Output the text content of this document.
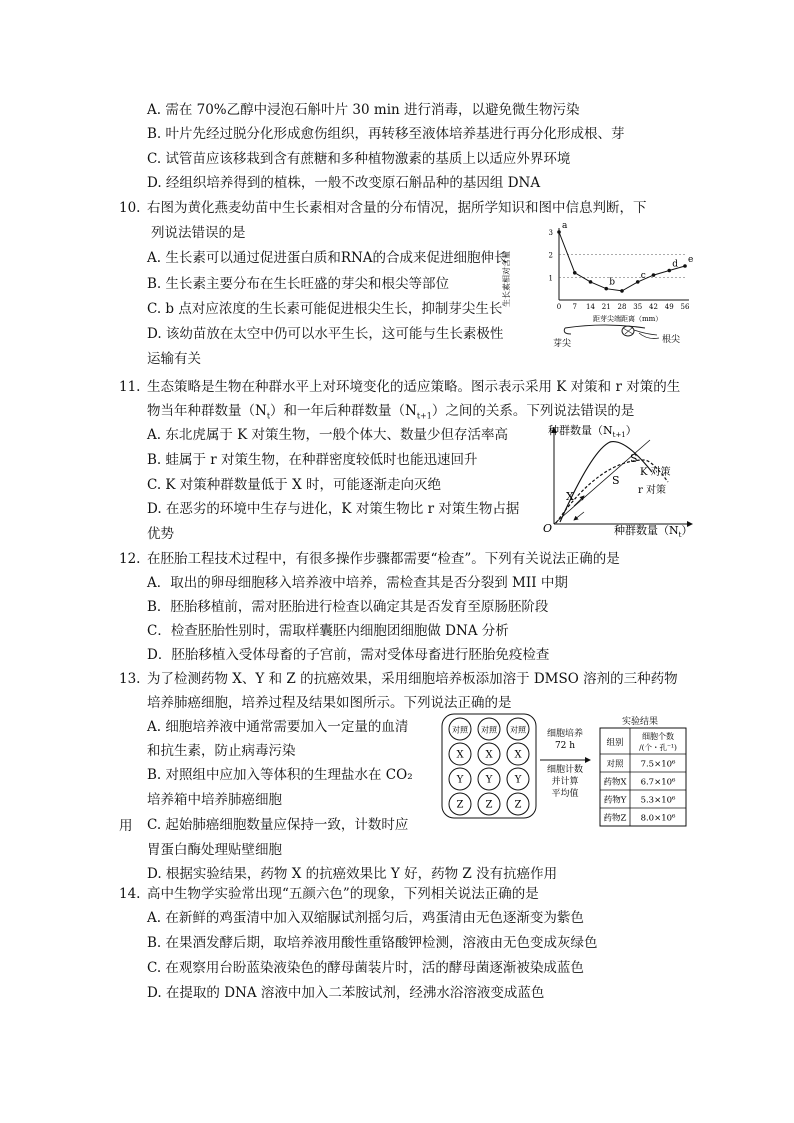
A. 需在 70%乙醇中浸泡石斛叶片 30 min 进行消毒，以避免微生物污染
B. 叶片先经过脱分化形成愈伤组织，再转移至液体培养基进行再分化形成根、芽
C. 试管苗应该移栽到含有蔗糖和多种植物激素的基质上以适应外界环境
D. 经组织培养得到的植株，一般不改变原石斛品种的基因组 DNA
10. 右图为黄化燕麦幼苗中生长素相对含量的分布情况，据所学知识和图中信息判断，下
列说法错误的是
A. 生长素可以通过促进蛋白质和RNA的合成来促进细胞伸长
B. 生长素主要分布在生长旺盛的芽尖和根尖等部位
C. b 点对应浓度的生长素可能促进根尖生长，抑制芽尖生长
D. 该幼苗放在太空中仍可以水平生长，这可能与生长素极性
运输有关
1
2
3
0 7 14 21 28 35 42 49 56
a
b
c
d e
生长素相对含量
距芽尖端距离（mm）
芽尖	根尖
11. 生态策略是生物在种群水平上对环境变化的适应策略。图示表示采用 K 对策和 r 对策的生
物当年种群数量$(N_t)$和一年后种群数量$(N_{t+1})$之间的关系。下列说法错误的是
A. 东北虎属于 K 对策生物，一般个体大、数量少但存活率高
B. 蛙属于 r 对策生物，在种群密度较低时也能迅速回升
C. K 对策种群数量低于 X 时，可能逐渐走向灭绝
D. 在恶劣的环境中生存与进化，K 对策生物比 r 对策生物占据
优势
种群数量$(N_{t+1})$
种群数量$(N_t)$
O
S
S
X
K 对策
r 对策
12. 在胚胎工程技术过程中，有很多操作步骤都需要“检查”。下列有关说法正确的是
A．取出的卵母细胞移入培养液中培养，需检查其是否分裂到 MII 中期
B．胚胎移植前，需对胚胎进行检查以确定其是否发育至原肠胚阶段
C．检查胚胎性别时，需取样囊胚内细胞团细胞做 DNA 分析
D．胚胎移植入受体母畜的子宫前，需对受体母畜进行胚胎免疫检查
13. 为了检测药物 X、Y 和 Z 的抗癌效果，采用细胞培养板添加溶于 DMSO 溶剂的三种药物
培养肺癌细胞，培养过程及结果如图所示。下列说法正确的是
A. 细胞培养液中通常需要加入一定量的血清
和抗生素，防止病毒污染
B. 对照组中应加入等体积的生理盐水在 CO₂
培养箱中培养肺癌细胞
C. 起始肺癌细胞数量应保持一致，计数时应
用
胃蛋白酶处理贴壁细胞
D. 根据实验结果，药物 X 的抗癌效果比 Y 好，药物 Z 没有抗癌作用
对照 对照 对照
X X X
Y Y Y
Z Z Z
细胞培养
72 h
细胞计数
并计算
平均值
实验结果
组别
细胞个数
/(个・孔⁻¹)
对照 7.5×10⁶
药物X 6.7×10⁶
药物Y 5.3×10⁶
药物Z 8.0×10⁶
14. 高中生物学实验常出现“五颜六色”的现象，下列相关说法正确的是
A. 在新鲜的鸡蛋清中加入双缩脲试剂摇匀后，鸡蛋清由无色逐渐变为紫色
B. 在果酒发酵后期，取培养液用酸性重铬酸钾检测，溶液由无色变成灰绿色
C. 在观察用台盼蓝染液染色的酵母菌装片时，活的酵母菌逐渐被染成蓝色
D. 在提取的 DNA 溶液中加入二苯胺试剂，经沸水浴溶液变成蓝色
